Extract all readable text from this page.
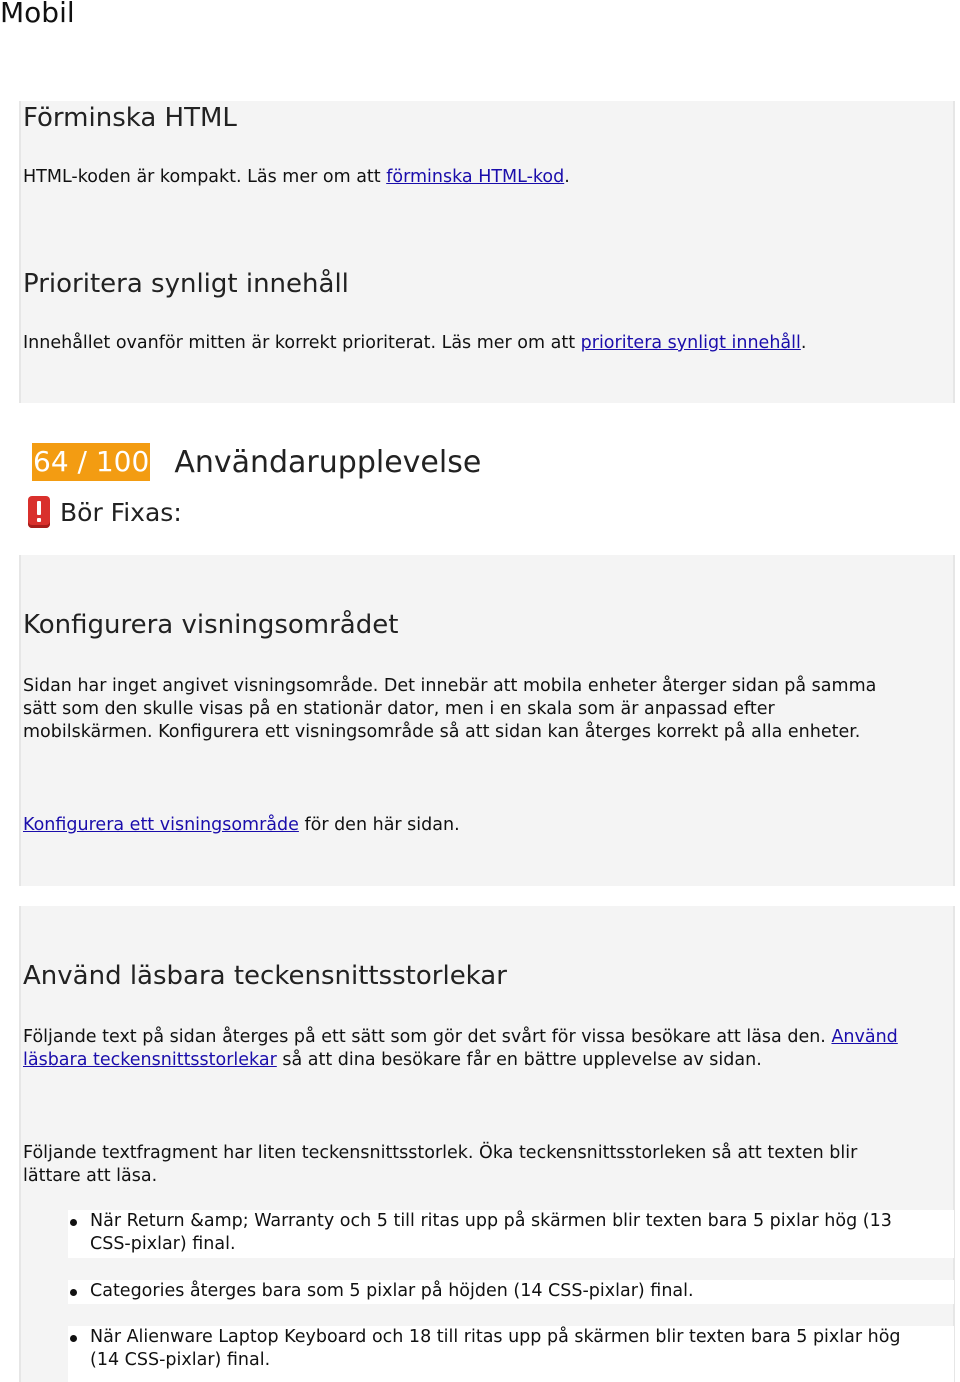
Mobil
Förminska HTML

HTML-koden är kompakt. Läs mer om att förminska HTML-kod.

Prioritera synligt innehåll

Innehållet ovanför mitten är korrekt prioriterat. Läs mer om att prioritera synligt innehåll.

64 / 100 Användarupplevelse
Bör Fixas:
Konfigurera visningsområdet

Sidan har inget angivet visningsområde. Det innebär att mobila enheter återger sidan på samma
sätt som den skulle visas på en stationär dator, men i en skala som är anpassad efter
mobilskärmen. Konfigurera ett visningsområde så att sidan kan återges korrekt på alla enheter.

Konfigurera ett visningsområde för den här sidan.

Använd läsbara teckensnittsstorlekar

Följande text på sidan återges på ett sätt som gör det svårt för vissa besökare att läsa den. Använd
läsbara teckensnittsstorlekar så att dina besökare får en bättre upplevelse av sidan.

Följande textfragment har liten teckensnittsstorlek. Öka teckensnittsstorleken så att texten blir
lättare att läsa.

När Return &amp; Warranty och 5 till ritas upp på skärmen blir texten bara 5 pixlar hög (13
CSS-pixlar) final.
Categories återges bara som 5 pixlar på höjden (14 CSS-pixlar) final.
När Alienware Laptop Keyboard och 18 till ritas upp på skärmen blir texten bara 5 pixlar hög
(14 CSS-pixlar) final.
